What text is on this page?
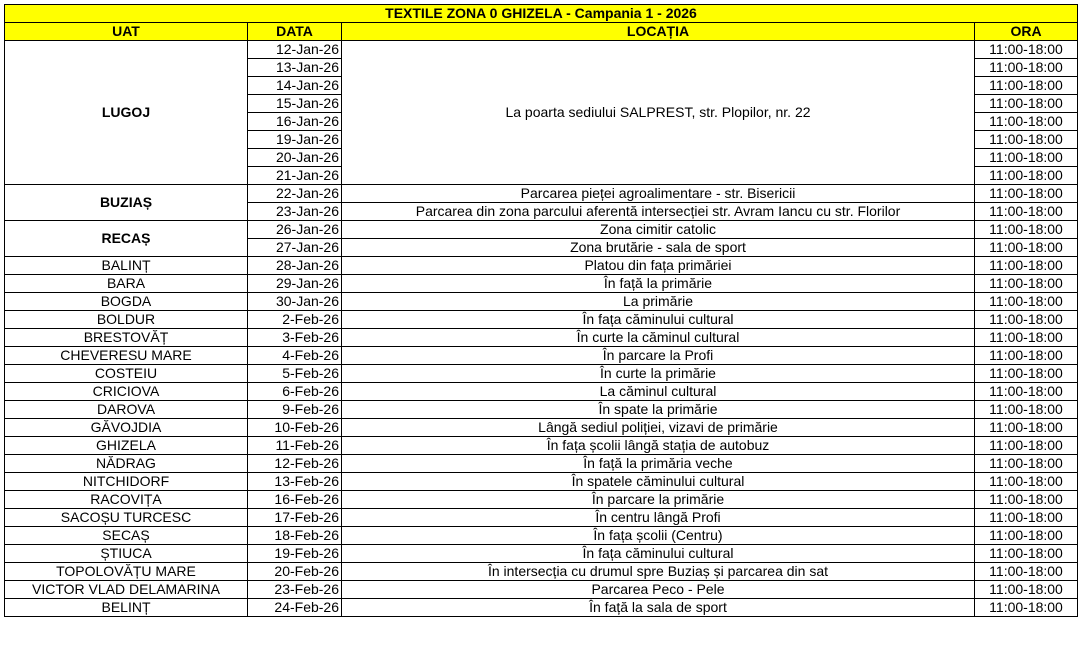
TEXTILE ZONA 0 GHIZELA - Campania 1 - 2026			
UAT	DATA	LOCAȚIA	ORA
LUGOJ	12-Jan-26	La poarta sediului SALPREST, str. Plopilor, nr. 22	11:00-18:00
	13-Jan-26		11:00-18:00
	14-Jan-26		11:00-18:00
	15-Jan-26		11:00-18:00
	16-Jan-26		11:00-18:00
	19-Jan-26		11:00-18:00
	20-Jan-26		11:00-18:00
	21-Jan-26		11:00-18:00
BUZIAȘ	22-Jan-26	Parcarea pieței agroalimentare - str. Bisericii	11:00-18:00
	23-Jan-26	Parcarea din zona parcului aferentă intersecției str. Avram Iancu cu str. Florilor	11:00-18:00
RECAȘ	26-Jan-26	Zona cimitir catolic	11:00-18:00
	27-Jan-26	Zona brutărie - sala de sport	11:00-18:00
BALINȚ	28-Jan-26	Platou din fața primăriei	11:00-18:00
BARA	29-Jan-26	În față la primărie	11:00-18:00
BOGDA	30-Jan-26	La primărie	11:00-18:00
BOLDUR	2-Feb-26	În fața căminului cultural	11:00-18:00
BRESTOVĂȚ	3-Feb-26	În curte la căminul cultural	11:00-18:00
CHEVERESU MARE	4-Feb-26	În parcare la Profi	11:00-18:00
COSTEIU	5-Feb-26	În curte la primărie	11:00-18:00
CRICIOVA	6-Feb-26	La căminul cultural	11:00-18:00
DAROVA	9-Feb-26	În spate la primărie	11:00-18:00
GĂVOJDIA	10-Feb-26	Lângă sediul poliției, vizavi de primărie	11:00-18:00
GHIZELA	11-Feb-26	În fața școlii lângă stația de autobuz	11:00-18:00
NĂDRAG	12-Feb-26	În față la primăria veche	11:00-18:00
NITCHIDORF	13-Feb-26	În spatele căminului cultural	11:00-18:00
RACOVIȚA	16-Feb-26	În parcare la primărie	11:00-18:00
SACOȘU TURCESC	17-Feb-26	În centru lângă Profi	11:00-18:00
SECAȘ	18-Feb-26	În fața școlii (Centru)	11:00-18:00
ȘTIUCA	19-Feb-26	În fața căminului cultural	11:00-18:00
TOPOLOVĂȚU MARE	20-Feb-26	În intersecția cu drumul spre Buziaș și parcarea din sat	11:00-18:00
VICTOR VLAD DELAMARINA	23-Feb-26	Parcarea Peco - Pele	11:00-18:00
BELINȚ	24-Feb-26	În față la sala de sport	11:00-18:00
